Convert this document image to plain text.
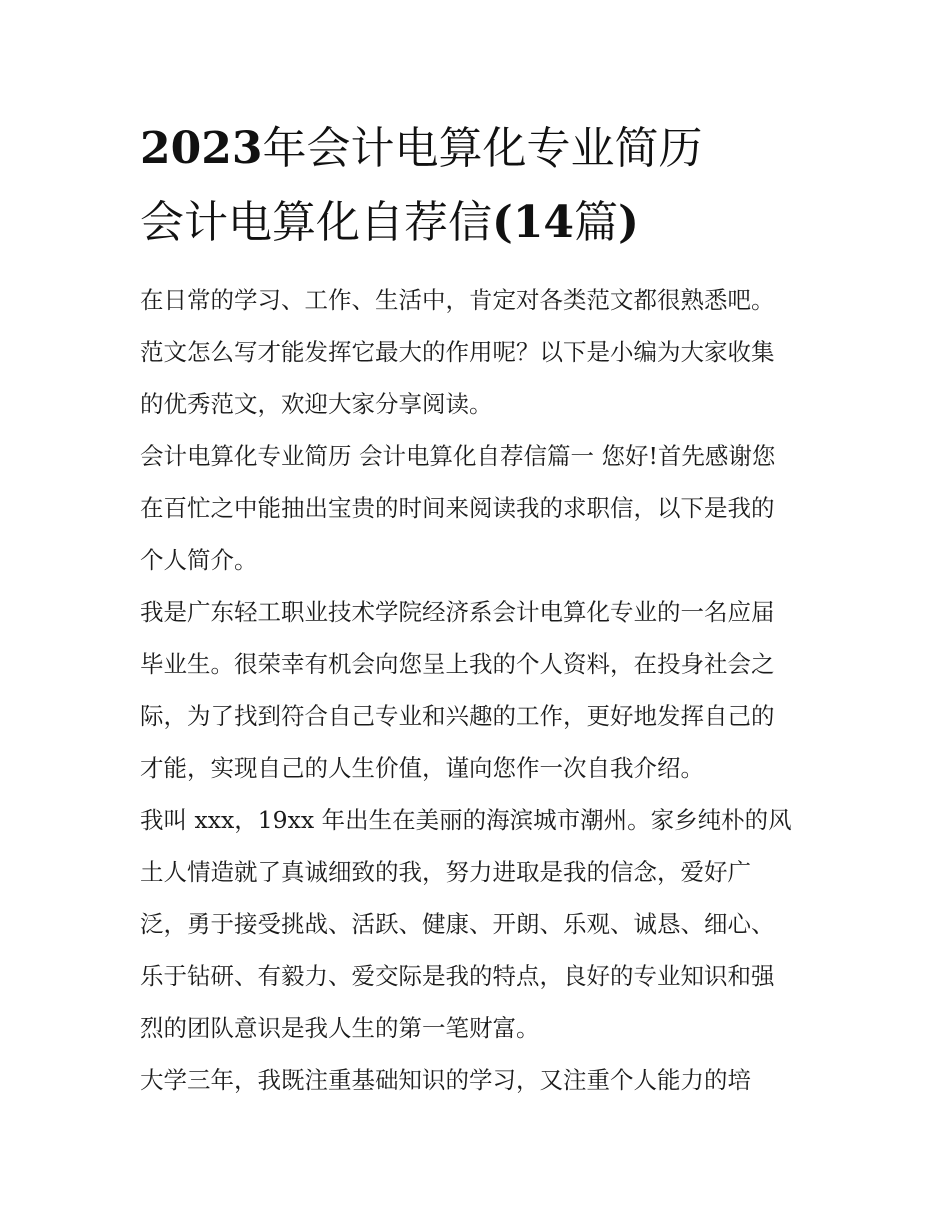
2023年会计电算化专业简历
会计电算化自荐信(14篇)

在日常的学习、工作、生活中，肯定对各类范文都很熟悉吧。
范文怎么写才能发挥它最大的作用呢？以下是小编为大家收集
的优秀范文，欢迎大家分享阅读。

会计电算化专业简历 会计电算化自荐信篇一 您好!首先感谢您
在百忙之中能抽出宝贵的时间来阅读我的求职信，以下是我的
个人简介。

我是广东轻工职业技术学院经济系会计电算化专业的一名应届
毕业生。很荣幸有机会向您呈上我的个人资料，在投身社会之
际，为了找到符合自己专业和兴趣的工作，更好地发挥自己的
才能，实现自己的人生价值，谨向您作一次自我介绍。

我叫 xxx，19xx 年出生在美丽的海滨城市潮州。家乡纯朴的风
土人情造就了真诚细致的我，努力进取是我的信念，爱好广
泛，勇于接受挑战、活跃、健康、开朗、乐观、诚恳、细心、
乐于钻研、有毅力、爱交际是我的特点，良好的专业知识和强
烈的团队意识是我人生的第一笔财富。

大学三年，我既注重基础知识的学习，又注重个人能力的培
